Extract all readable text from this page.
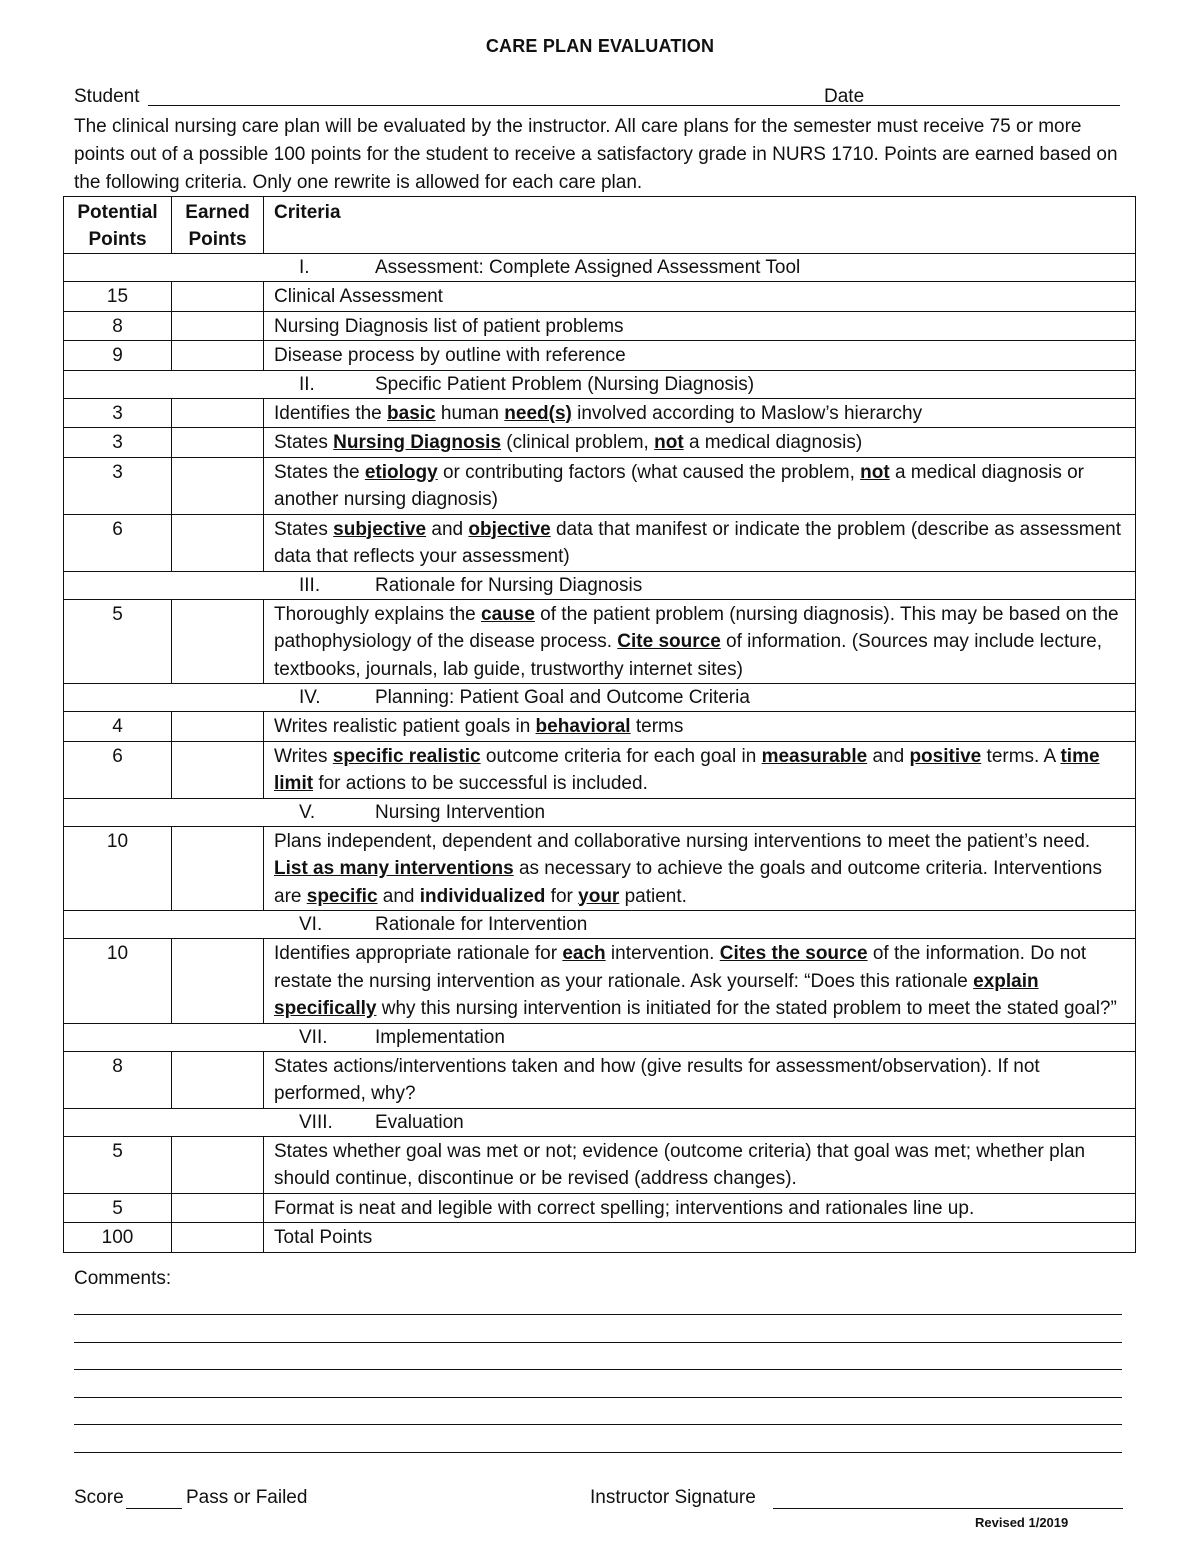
CARE PLAN EVALUATION
Student	Date
The clinical nursing care plan will be evaluated by the instructor. All care plans for the semester must receive 75 or more points out of a possible 100 points for the student to receive a satisfactory grade in NURS 1710. Points are earned based on the following criteria. Only one rewrite is allowed for each care plan.
Potential Points	Earned Points	Criteria
I. Assessment: Complete Assigned Assessment Tool		
15		Clinical Assessment
8		Nursing Diagnosis list of patient problems
9		Disease process by outline with reference
II. Specific Patient Problem (Nursing Diagnosis)		
3		Identifies the basic human need(s) involved according to Maslow’s hierarchy
3		States Nursing Diagnosis (clinical problem, not a medical diagnosis)
3		States the etiology or contributing factors (what caused the problem, not a medical diagnosis or another nursing diagnosis)
6		States subjective and objective data that manifest or indicate the problem (describe as assessment data that reflects your assessment)
III. Rationale for Nursing Diagnosis		
5		Thoroughly explains the cause of the patient problem (nursing diagnosis). This may be based on the pathophysiology of the disease process. Cite source of information. (Sources may include lecture, textbooks, journals, lab guide, trustworthy internet sites)
IV. Planning: Patient Goal and Outcome Criteria		
4		Writes realistic patient goals in behavioral terms
6		Writes specific realistic outcome criteria for each goal in measurable and positive terms. A time limit for actions to be successful is included.
V. Nursing Intervention		
10		Plans independent, dependent and collaborative nursing interventions to meet the patient’s need. List as many interventions as necessary to achieve the goals and outcome criteria. Interventions are specific and individualized for your patient.
VI. Rationale for Intervention		
10		Identifies appropriate rationale for each intervention. Cites the source of the information. Do not restate the nursing intervention as your rationale. Ask yourself: “Does this rationale explain specifically why this nursing intervention is initiated for the stated problem to meet the stated goal?”
VII. Implementation		
8		States actions/interventions taken and how (give results for assessment/observation). If not performed, why?
VIII. Evaluation		
5		States whether goal was met or not; evidence (outcome criteria) that goal was met; whether plan should continue, discontinue or be revised (address changes).
5		Format is neat and legible with correct spelling; interventions and rationales line up.
100		Total Points
Comments:
Score	Pass or Failed	Instructor Signature
Revised 1/2019
